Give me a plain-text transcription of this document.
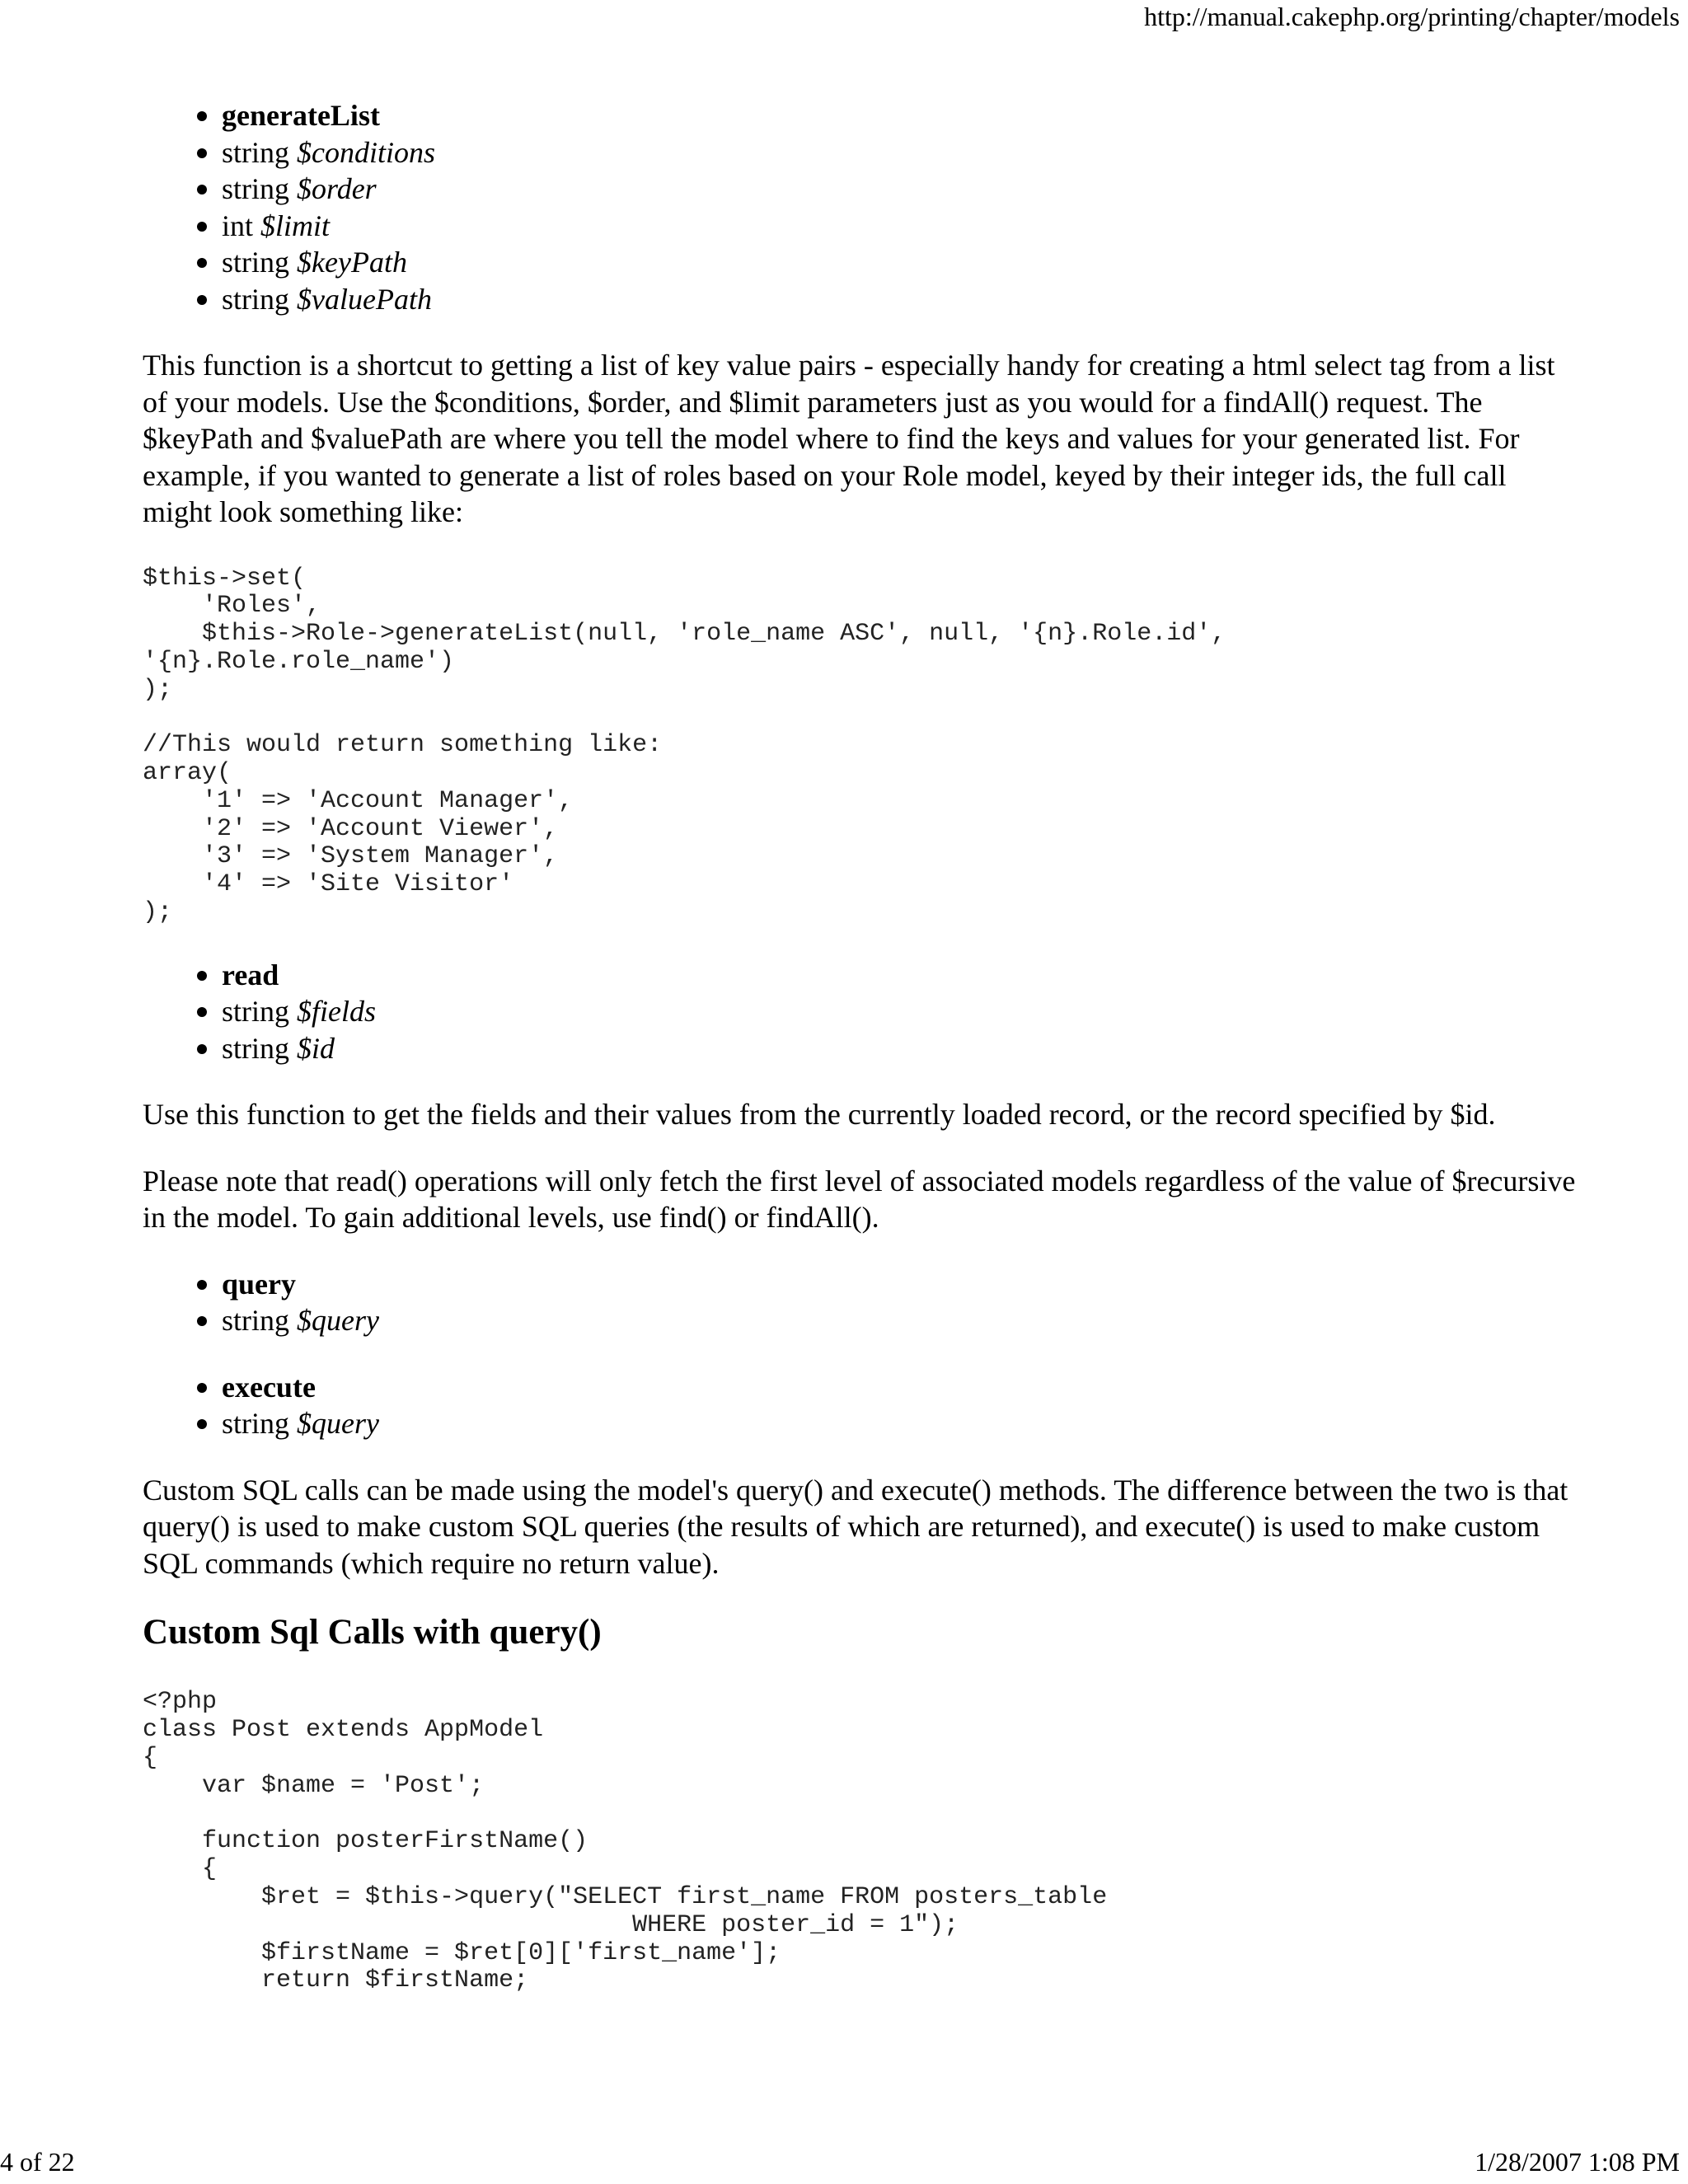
http://manual.cakephp.org/printing/chapter/models
generateList
string $conditions
string $order
int $limit
string $keyPath
string $valuePath

This function is a shortcut to getting a list of key value pairs - especially handy for creating a html select tag from a list of your models. Use the $conditions, $order, and $limit parameters just as you would for a findAll() request. The $keyPath and $valuePath are where you tell the model where to find the keys and values for your generated list. For example, if you wanted to generate a list of roles based on your Role model, keyed by their integer ids, the full call might look something like:

$this->set(
'Roles',
$this->Role->generateList(null, 'role_name ASC', null, '{n}.Role.id',
'{n}.Role.role_name')
);

//This would return something like:
array(
'1' => 'Account Manager',
'2' => 'Account Viewer',
'3' => 'System Manager',
'4' => 'Site Visitor'
);
read
string $fields
string $id

Use this function to get the fields and their values from the currently loaded record, or the record specified by $id.

Please note that read() operations will only fetch the first level of associated models regardless of the value of $recursive in the model. To gain additional levels, use find() or findAll().

query
string $query
execute
string $query

Custom SQL calls can be made using the model's query() and execute() methods. The difference between the two is that query() is used to make custom SQL queries (the results of which are returned), and execute() is used to make custom SQL commands (which require no return value).

Custom Sql Calls with query()
<?php
class Post extends AppModel
{
var $name = 'Post';

function posterFirstName()
{
$ret = $this->query("SELECT first_name FROM posters_table
WHERE poster_id = 1");
$firstName = $ret[0]['first_name'];
return $firstName;
4 of 22	1/28/2007 1:08 PM
